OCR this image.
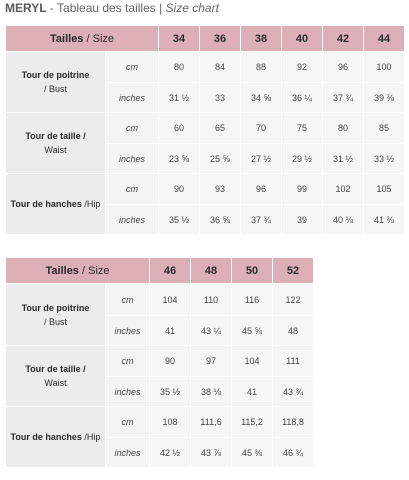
MERYL - Tableau des tailles | Size chart
Tailles / Size		34	36	38	40	42	44
Tour de poitrine
/ Bust	cm	80	84	88	92	96	100
	inches	31 ½	33	34 ⅝	36 ¼	37 ¾	39 ⅜
Tour de taille /
Waist	cm	60	65	70	75	80	85
	inches	23 ⅝	25 ⅝	27 ½	29 ½	31 ½	33 ½
Tour de hanches /Hip	cm	90	93	96	99	102	105
	inches	35 ½	36 ⅝	37 ¾	39	40 ⅛	41 ⅜
Tailles / Size		46	48	50	52
Tour de poitrine
/ Bust	cm	104	110	116	122
	inches	41	43 ¼	45 ⅝	48
Tour de taille /
Waist	cm	90	97	104	111
	inches	35 ½	38 ⅛	41	43 ¾
Tour de hanches /Hip	cm	108	111,6	115,2	118,8
	inches	42 ½	43 ⅞	45 ⅜	46 ¾
